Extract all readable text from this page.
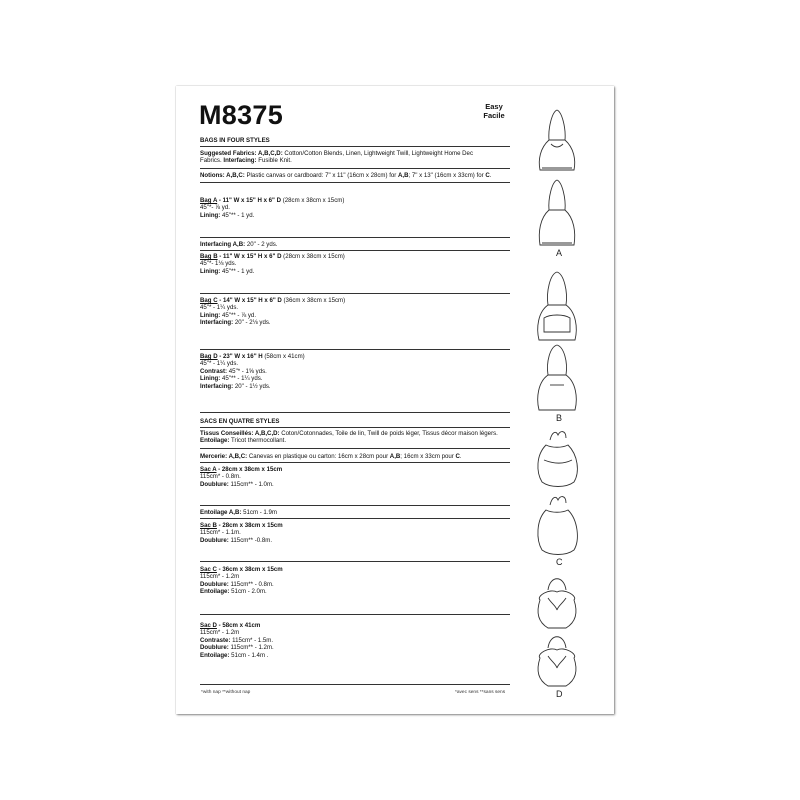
M8375	Easy
Facile
BAGS IN FOUR STYLES
Suggested Fabrics: A,B,C,D: Cotton/Cotton Blends, Linen, Lightweight Twill, Lightweight Home Dec
Fabrics. Interfacing: Fusible Knit.
Notions: A,B,C: Plastic canvas or cardboard: 7" x 11" (16cm x 28cm) for A,B; 7" x 13" (16cm x 33cm) for C.
Bag A - 11" W x 15" H x 6" D (28cm x 38cm x 15cm)
45"*- ⅞ yd.
Lining: 45"** - 1 yd.
Interfacing A,B: 20" - 2 yds.
Bag B - 11" W x 15" H x 6" D (28cm x 38cm x 15cm)
45"*- 1⅛ yds.
Lining: 45"** - 1 yd.
Bag C - 14" W x 15" H x 6" D (36cm x 38cm x 15cm)
45"* - 1¼ yds.
Lining: 45"** - ⅞ yd.
Interfacing: 20" - 2⅛ yds.
Bag D - 23" W x 16" H (58cm x 41cm)
45"* - 1¼ yds.
Contrast: 45"* - 1⅝ yds.
Lining: 45"** - 1¼ yds.
Interfacing: 20" - 1½ yds.
SACS EN QUATRE STYLES
Tissus Conseillés: A,B,C,D: Coton/Cotonnades, Toile de lin, Twill de poids léger, Tissus décor maison légers.
Entoilage: Tricot thermocollant.
Mercerie: A,B,C: Canevas en plastique ou carton: 16cm x 28cm pour A,B; 16cm x 33cm pour C.
Sac A - 28cm x 38cm x 15cm
115cm* - 0.8m.
Doublure: 115cm** - 1.0m.
Entoilage A,B: 51cm - 1.9m
Sac B - 28cm x 38cm x 15cm
115cm* - 1.1m.
Doublure: 115cm** -0.8m.
Sac C - 36cm x 38cm x 15cm
115cm* - 1.2m
Doublure: 115cm** - 0.8m.
Entoilage: 51cm - 2.0m.
Sac D - 58cm x 41cm
115cm* - 1.2m
Contraste: 115cm* - 1.5m.
Doublure: 115cm** - 1.2m.
Entoilage: 51cm - 1.4m .
*with nap **without nap	*avec sens **sans sens
A
B
C
D
